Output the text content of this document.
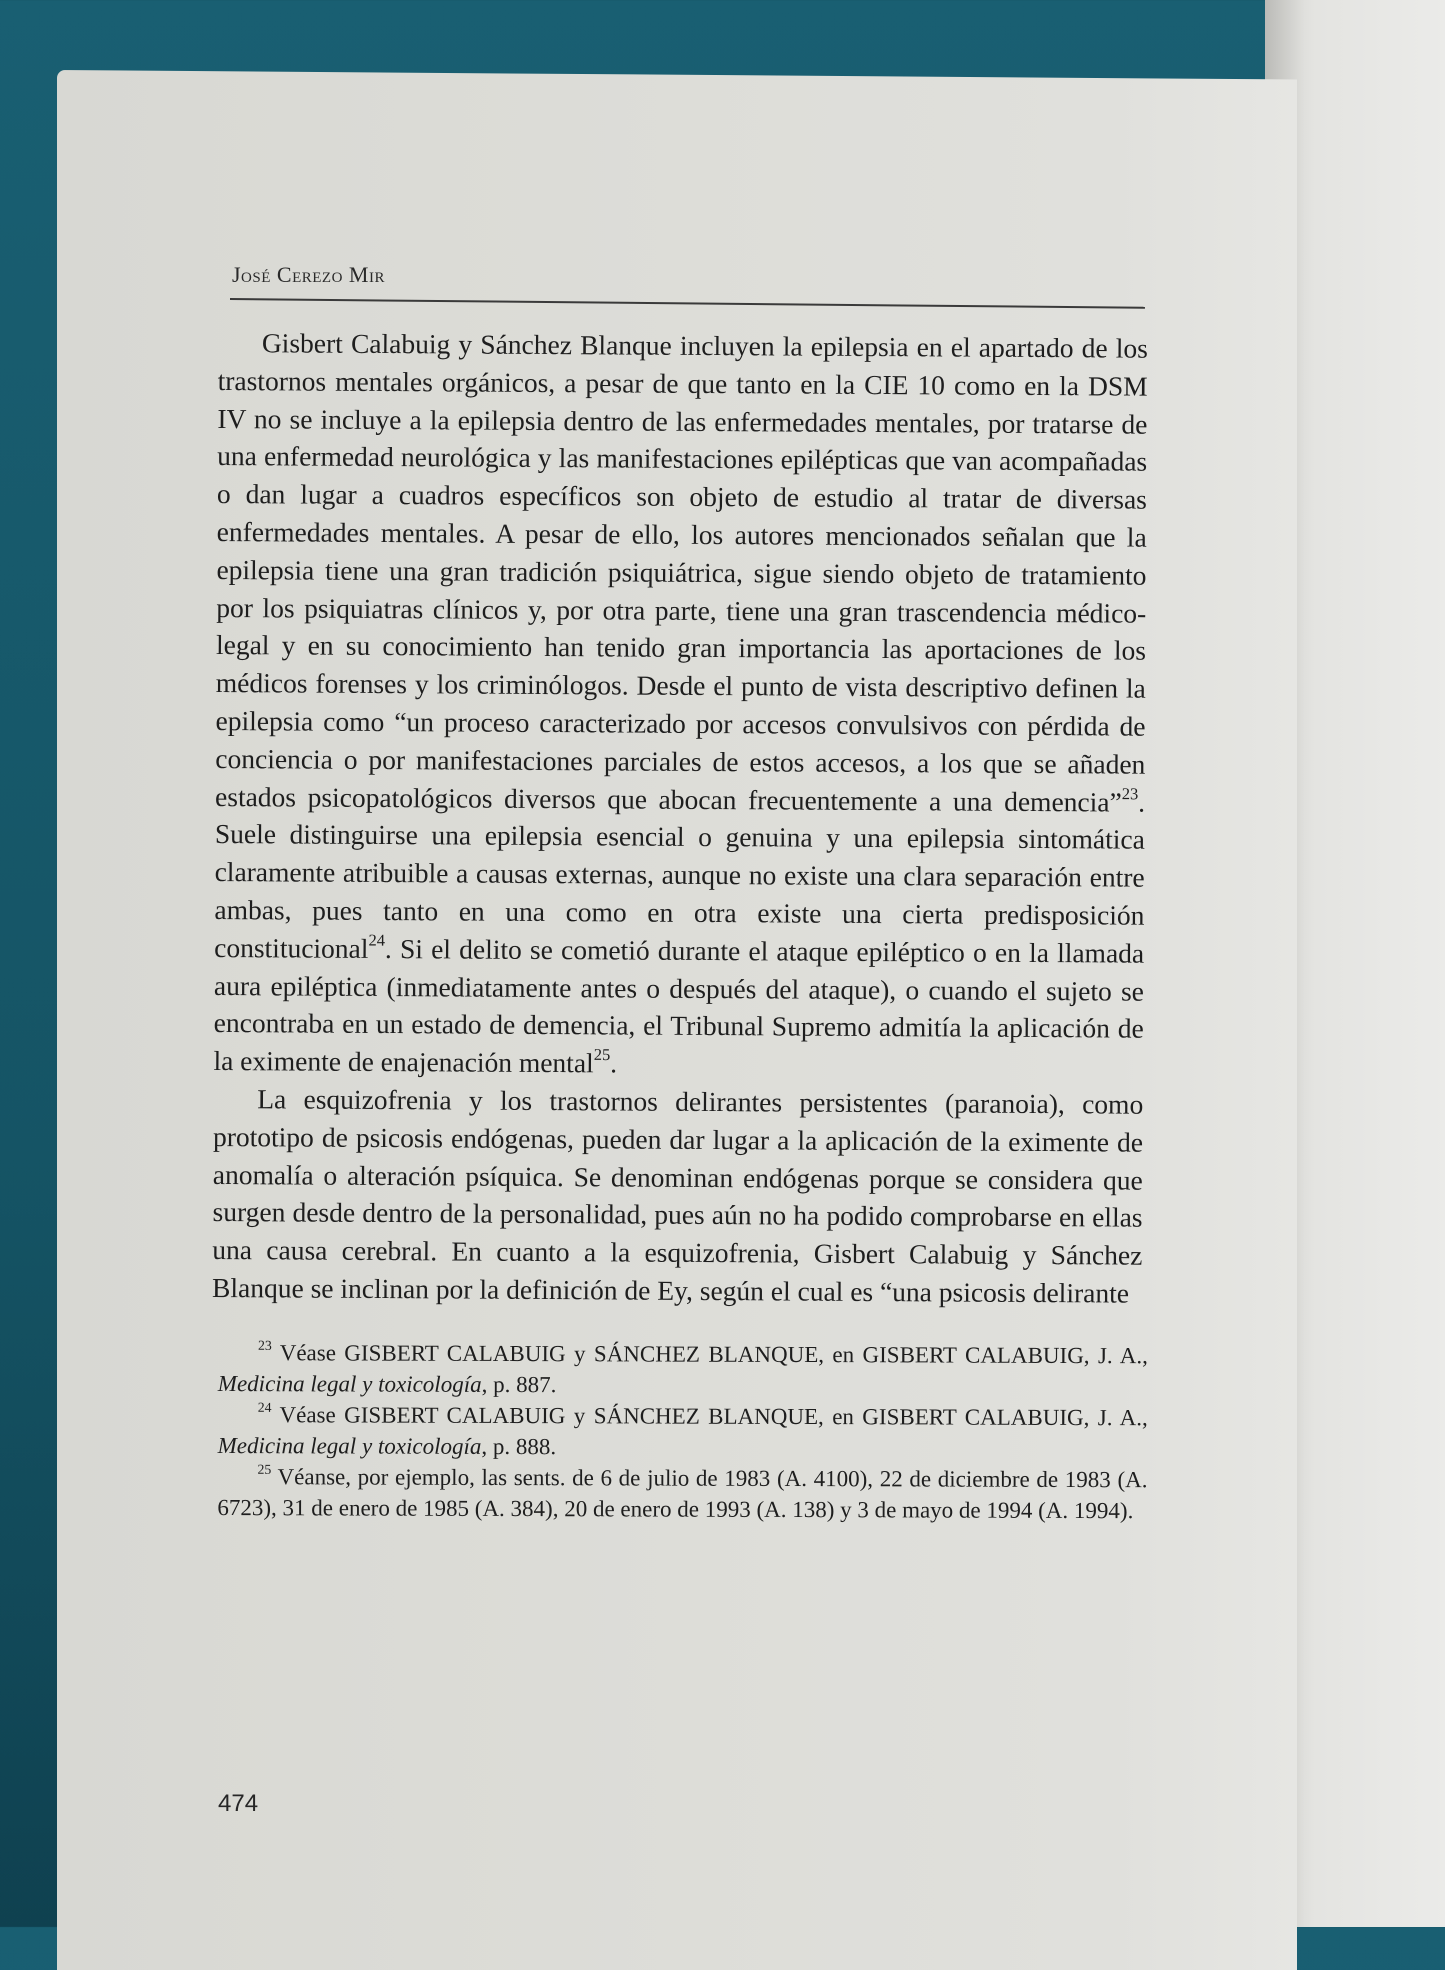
José Cerezo Mir

Gisbert Calabuig y Sánchez Blanque incluyen la epilepsia en el apartado de los trastornos mentales orgánicos, a pesar de que tanto en la CIE 10 como en la DSM IV no se incluye a la epilepsia dentro de las enfermedades mentales, por tratarse de una enfermedad neurológica y las manifestaciones epilépticas que van acompañadas o dan lugar a cuadros específicos son objeto de estudio al tratar de diversas enfermedades mentales. A pesar de ello, los autores mencionados señalan que la epilepsia tiene una gran tradición psiquiátrica, sigue siendo objeto de tratamiento por los psiquiatras clínicos y, por otra parte, tiene una gran trascendencia médico-legal y en su conocimiento han tenido gran importancia las aportaciones de los médicos forenses y los criminólogos. Desde el punto de vista descriptivo definen la epilepsia como “un proceso caracterizado por accesos convulsivos con pérdida de conciencia o por manifestaciones parciales de estos accesos, a los que se añaden estados psicopatológicos diversos que abocan frecuentemente a una demencia”$^{23}$. Suele distinguirse una epilepsia esencial o genuina y una epilepsia sintomática claramente atribuible a causas externas, aunque no existe una clara separación entre ambas, pues tanto en una como en otra existe una cierta predisposición constitucional$^{24}$. Si el delito se cometió durante el ataque epiléptico o en la llamada aura epiléptica (inmediatamente antes o después del ataque), o cuando el sujeto se encontraba en un estado de demencia, el Tribunal Supremo admitía la aplicación de la eximente de enajenación mental$^{25}$.

La esquizofrenia y los trastornos delirantes persistentes (paranoia), como prototipo de psicosis endógenas, pueden dar lugar a la aplicación de la eximente de anomalía o alteración psíquica. Se denominan endógenas porque se considera que surgen desde dentro de la personalidad, pues aún no ha podido comprobarse en ellas una causa cerebral. En cuanto a la esquizofrenia, Gisbert Calabuig y Sánchez Blanque se inclinan por la definición de Ey, según el cual es “una psicosis delirante

$^{23}$ Véase GISBERT CALABUIG y SÁNCHEZ BLANQUE, en GISBERT CALABUIG, J. A., Medicina legal y toxicología, p. 887.

$^{24}$ Véase GISBERT CALABUIG y SÁNCHEZ BLANQUE, en GISBERT CALABUIG, J. A., Medicina legal y toxicología, p. 888.

$^{25}$ Véanse, por ejemplo, las sents. de 6 de julio de 1983 (A. 4100), 22 de diciembre de 1983 (A. 6723), 31 de enero de 1985 (A. 384), 20 de enero de 1993 (A. 138) y 3 de mayo de 1994 (A. 1994).

474
